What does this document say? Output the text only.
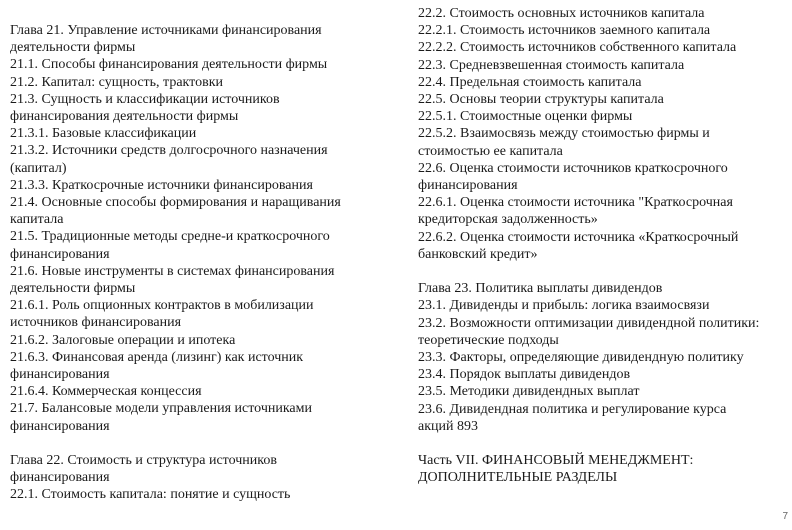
Глава 21. Управление источниками финансирования
деятельности фирмы
21.1. Способы финансирования деятельности фирмы
21.2. Капитал: сущность, трактовки
21.3. Сущность и классификации источников
финансирования деятельности фирмы
21.3.1. Базовые классификации
21.3.2. Источники средств долгосрочного назначения
(капитал)
21.3.3. Краткосрочные источники финансирования
21.4. Основные способы формирования и наращивания
капитала
21.5. Традиционные методы средне-и краткосрочного
финансирования
21.6. Новые инструменты в системах финансирования
деятельности фирмы
21.6.1. Роль опционных контрактов в мобилизации
источников финансирования
21.6.2. Залоговые операции и ипотека
21.6.3. Финансовая аренда (лизинг) как источник
финансирования
21.6.4. Коммерческая концессия
21.7. Балансовые модели управления источниками
финансирования
Глава 22. Стоимость и структура источников
финансирования
22.1. Стоимость капитала: понятие и сущность
22.2. Стоимость основных источников капитала
22.2.1. Стоимость источников заемного капитала
22.2.2. Стоимость источников собственного капитала
22.3. Средневзвешенная стоимость капитала
22.4. Предельная стоимость капитала
22.5. Основы теории структуры капитала
22.5.1. Стоимостные оценки фирмы
22.5.2. Взаимосвязь между стоимостью фирмы и
стоимостью ее капитала
22.6. Оценка стоимости источников краткосрочного
финансирования
22.6.1. Оценка стоимости источника "Краткосрочная
кредиторская задолженность»
22.6.2. Оценка стоимости источника «Краткосрочный
банковский кредит»
Глава 23. Политика выплаты дивидендов
23.1. Дивиденды и прибыль: логика взаимосвязи
23.2. Возможности оптимизации дивидендной политики:
теоретические подходы
23.3. Факторы, определяющие дивидендную политику
23.4. Порядок выплаты дивидендов
23.5. Методики дивидендных выплат
23.6. Дивидендная политика и регулирование курса
акций 893
Часть VII. ФИНАНСОВЫЙ МЕНЕДЖМЕНТ:
ДОПОЛНИТЕЛЬНЫЕ РАЗДЕЛЫ
7
